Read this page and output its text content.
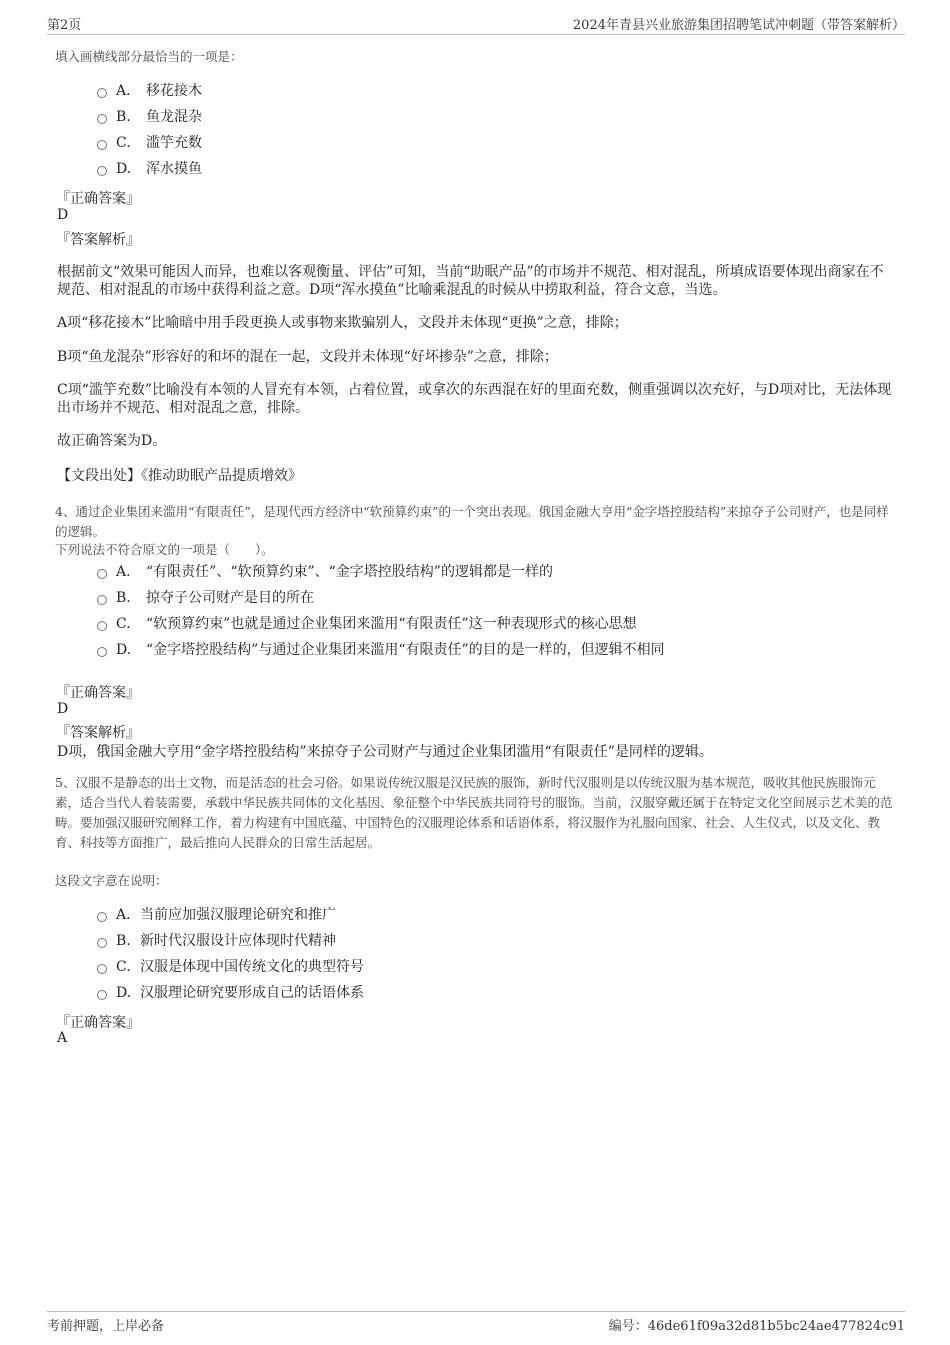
第2页	2024年青县兴业旅游集团招聘笔试冲刺题（带答案解析）
填入画横线部分最恰当的一项是：
A． 移花接木
B. 鱼龙混杂
C. 滥竽充数
D. 浑水摸鱼
『正确答案』
D
『答案解析』
根据前文“效果可能因人而异，也难以客观衡量、评估”可知，当前“助眠产品”的市场并不规范、相对混乱，所填成语要体现出商家在不规范、相对混乱的市场中获得利益之意。D项“浑水摸鱼”比喻乘混乱的时候从中捞取利益，符合文意，当选。
A项“移花接木”比喻暗中用手段更换人或事物来欺骗别人，文段并未体现“更换”之意，排除；
B项“鱼龙混杂”形容好的和坏的混在一起，文段并未体现“好坏掺杂”之意，排除；
C项“滥竽充数”比喻没有本领的人冒充有本领，占着位置，或拿次的东西混在好的里面充数，侧重强调以次充好，与D项对比，无法体现出市场并不规范、相对混乱之意，排除。
故正确答案为D。
【文段出处】《推动助眠产品提质增效》
4、通过企业集团来滥用“有限责任”，是现代西方经济中“软预算约束”的一个突出表现。俄国金融大亨用“金字塔控股结构”来掠夺子公司财产，也是同样的逻辑。
下列说法不符合原文的一项是（　　）。
A． “有限责任”、“软预算约束”、“金字塔控股结构”的逻辑都是一样的
B. 掠夺子公司财产是目的所在
C. “软预算约束”也就是通过企业集团来滥用“有限责任”这一种表现形式的核心思想
D. “金字塔控股结构”与通过企业集团来滥用“有限责任”的目的是一样的，但逻辑不相同
『正确答案』
D
『答案解析』
D项，俄国金融大亨用“金字塔控股结构”来掠夺子公司财产与通过企业集团滥用“有限责任”是同样的逻辑。
5、汉服不是静态的出土文物，而是活态的社会习俗。如果说传统汉服是汉民族的服饰，新时代汉服则是以传统汉服为基本规范，吸收其他民族服饰元素，适合当代人着装需要，承载中华民族共同体的文化基因、象征整个中华民族共同符号的服饰。当前，汉服穿戴还属于在特定文化空间展示艺术美的范畴。要加强汉服研究阐释工作，着力构建有中国底蕴、中国特色的汉服理论体系和话语体系，将汉服作为礼服向国家、社会、人生仪式，以及文化、教育、科技等方面推广，最后推向人民群众的日常生活起居。
这段文字意在说明：
A．当前应加强汉服理论研究和推广
B. 新时代汉服设计应体现时代精神
C. 汉服是体现中国传统文化的典型符号
D. 汉服理论研究要形成自己的话语体系
『正确答案』
A
考前押题，上岸必备	编号：46de61f09a32d81b5bc24ae477824c91
